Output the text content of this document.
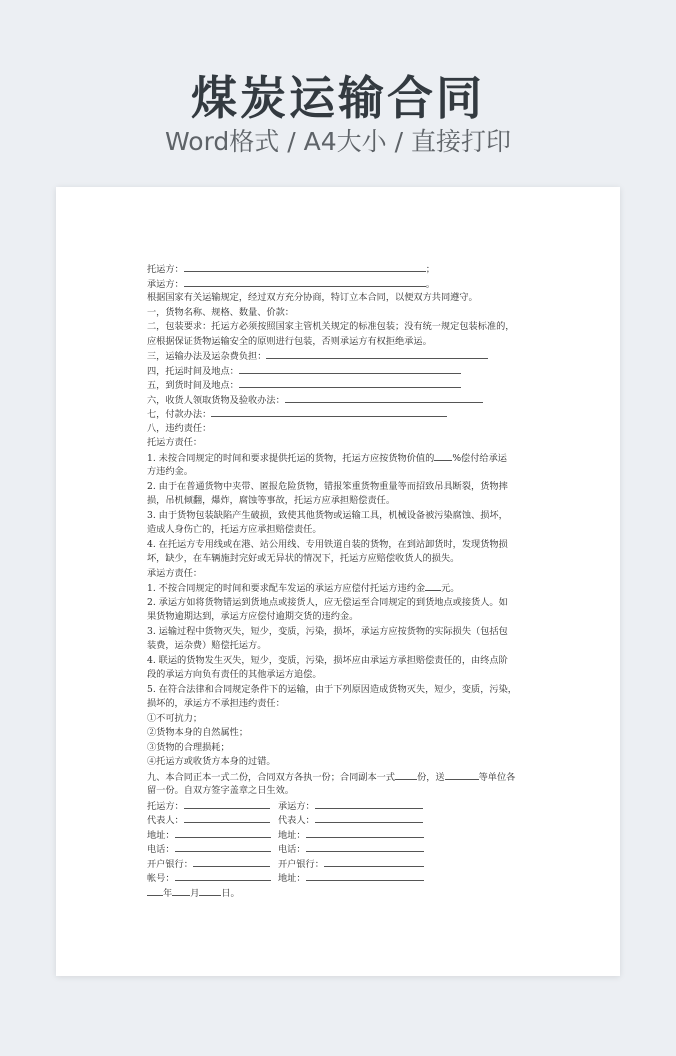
煤炭运输合同
Word格式 / A4大小 / 直接打印
托运方：	；
承运方：	。
根据国家有关运输规定，经过双方充分协商，特订立本合同，以便双方共同遵守。
一，货物名称、规格、数量、价款：
二，包装要求：托运方必须按照国家主管机关规定的标准包装；没有统一规定包装标准的，
应根据保证货物运输安全的原则进行包装，否则承运方有权拒绝承运。
三，运输办法及运杂费负担：
四，托运时间及地点：
五，到货时间及地点：
六，收货人领取货物及验收办法：
七，付款办法：
八，违约责任：
托运方责任：
1. 未按合同规定的时间和要求提供托运的货物，托运方应按货物价值的 %偿付给承运
方违约金。
2. 由于在普通货物中夹带、匿报危险货物，错报笨重货物重量等而招致吊具断裂，货物摔
损，吊机倾翻，爆炸，腐蚀等事故，托运方应承担赔偿责任。
3. 由于货物包装缺陷产生破损，致使其他货物或运输工具，机械设备被污染腐蚀、损坏，
造成人身伤亡的，托运方应承担赔偿责任。
4. 在托运方专用线或在港、站公用线、专用铁道自装的货物，在到站卸货时，发现货物损
坏，缺少，在车辆施封完好或无异状的情况下，托运方应赔偿收货人的损失。
承运方责任：
1. 不按合同规定的时间和要求配车发运的承运方应偿付托运方违约金 元。
2. 承运方如将货物错运到货地点或接货人，应无偿运至合同规定的到货地点或接货人。如
果货物逾期达到，承运方应偿付逾期交货的违约金。
3. 运输过程中货物灭失，短少，变质，污染，损坏，承运方应按货物的实际损失（包括包
装费，运杂费）赔偿托运方。
4. 联运的货物发生灭失，短少，变质，污染，损坏应由承运方承担赔偿责任的，由终点阶
段的承运方向负有责任的其他承运方追偿。
5. 在符合法律和合同规定条件下的运输，由于下列原因造成货物灭失，短少，变质，污染，
损坏的，承运方不承担违约责任：
①不可抗力；
②货物本身的自然属性；
③货物的合理损耗；
④托运方或收货方本身的过错。
九、本合同正本一式二份，合同双方各执一份；合同副本一式 份，送	等单位各
留一份。自双方签字盖章之日生效。
托运方：	承运方：
代表人：	代表人：
地址：	地址：
电话：	电话：
开户银行：	开户银行：
帐号：	地址：
年 月 日。
